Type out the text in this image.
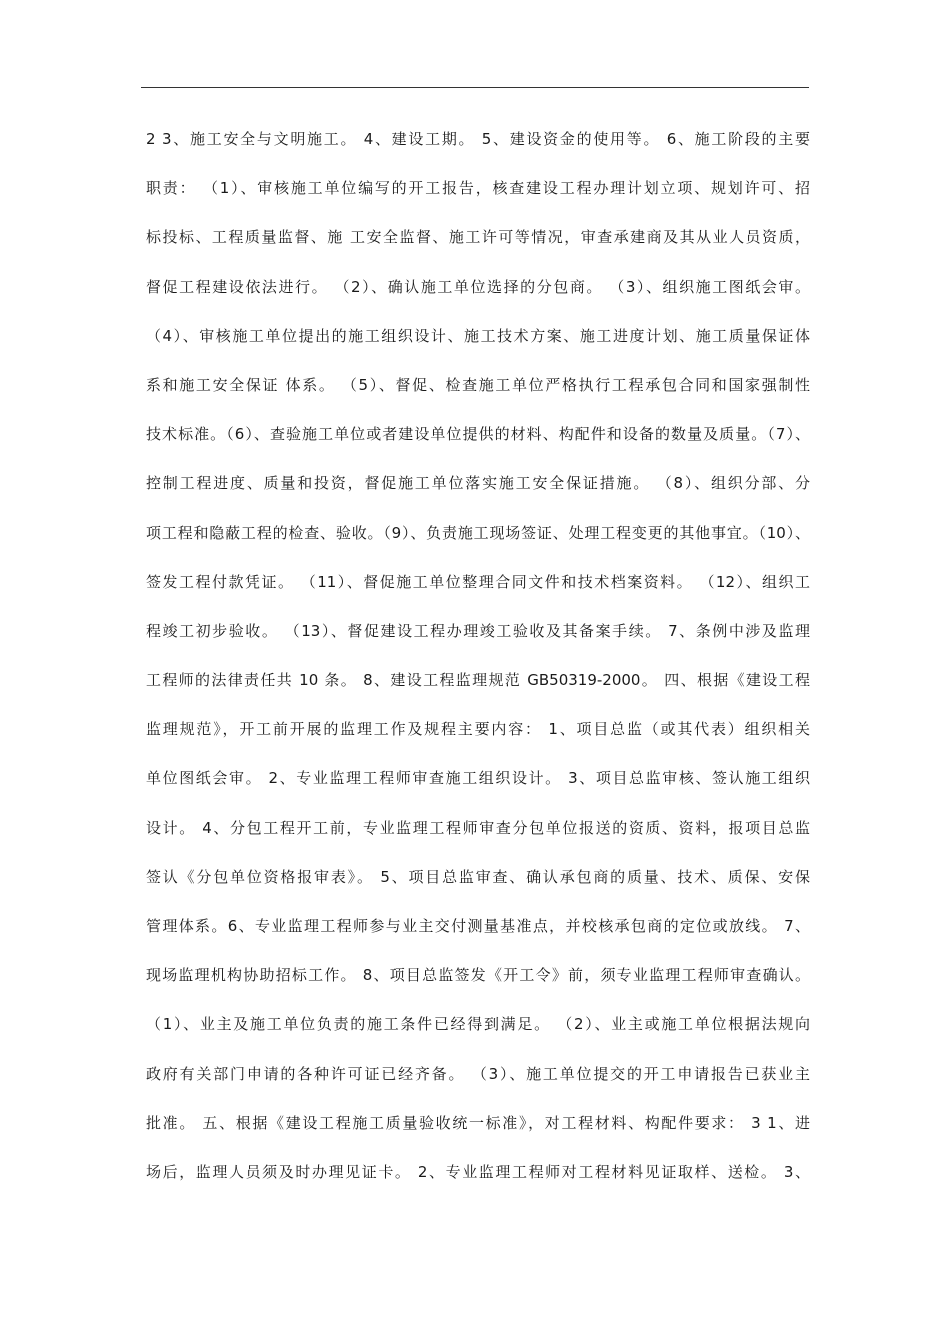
2 3、施工安全与文明施工。 4、建设工期。 5、建设资金的使用等。 6、施工阶段的主要
职责： （1）、审核施工单位编写的开工报告，核查建设工程办理计划立项、规划许可、招
标投标、工程质量监督、施 工安全监督、施工许可等情况，审查承建商及其从业人员资质，
督促工程建设依法进行。 （2）、确认施工单位选择的分包商。 （3）、组织施工图纸会审。
（4）、审核施工单位提出的施工组织设计、施工技术方案、施工进度计划、施工质量保证体
系和施工安全保证 体系。 （5）、督促、检查施工单位严格执行工程承包合同和国家强制性
技术标准。（6）、查验施工单位或者建设单位提供的材料、构配件和设备的数量及质量。（7）、
控制工程进度、质量和投资，督促施工单位落实施工安全保证措施。 （8）、组织分部、分
项工程和隐蔽工程的检查、验收。（9）、负责施工现场签证、处理工程变更的其他事宜。（10）、
签发工程付款凭证。 （11）、督促施工单位整理合同文件和技术档案资料。 （12）、组织工
程竣工初步验收。 （13）、督促建设工程办理竣工验收及其备案手续。 7、条例中涉及监理
工程师的法律责任共 10 条。 8、建设工程监理规范 GB50319-2000。 四、根据《建设工程
监理规范》，开工前开展的监理工作及规程主要内容： 1、项目总监（或其代表）组织相关
单位图纸会审。 2、专业监理工程师审查施工组织设计。 3、项目总监审核、签认施工组织
设计。 4、分包工程开工前，专业监理工程师审查分包单位报送的资质、资料，报项目总监
签认《分包单位资格报审表》。 5、项目总监审查、确认承包商的质量、技术、质保、安保
管理体系。6、专业监理工程师参与业主交付测量基准点，并校核承包商的定位或放线。 7、
现场监理机构协助招标工作。 8、项目总监签发《开工令》前，须专业监理工程师审查确认。
（1）、业主及施工单位负责的施工条件已经得到满足。 （2）、业主或施工单位根据法规向
政府有关部门申请的各种许可证已经齐备。 （3）、施工单位提交的开工申请报告已获业主
批准。 五、根据《建设工程施工质量验收统一标准》，对工程材料、构配件要求： 3 1、进
场后，监理人员须及时办理见证卡。 2、专业监理工程师对工程材料见证取样、送检。 3、
